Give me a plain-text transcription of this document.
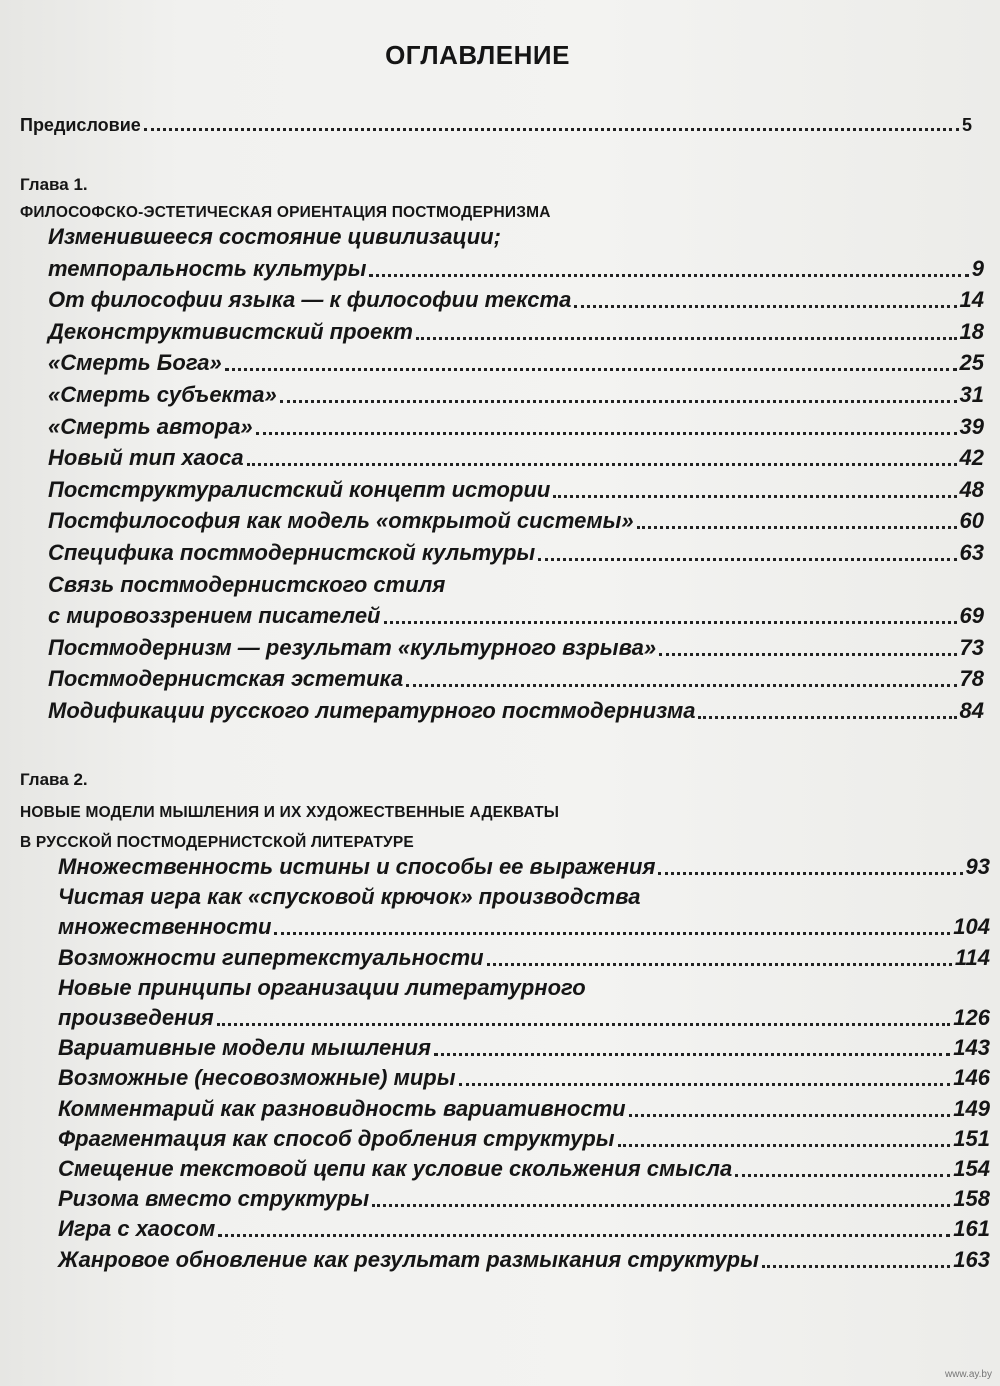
ОГЛАВЛЕНИЕ
Предисловие	5
Глава 1.
ФИЛОСОФСКО-ЭСТЕТИЧЕСКАЯ ОРИЕНТАЦИЯ ПОСТМОДЕРНИЗМА
Изменившееся состояние цивилизации;
темпоральность культуры	9
От философии языка — к философии текста	14
Деконструктивистский проект	18
«Смерть Бога»	25
«Смерть субъекта»	31
«Смерть автора»	39
Новый тип хаоса	42
Постструктуралистский концепт истории	48
Постфилософия как модель «открытой системы»	60
Специфика постмодернистской культуры	63
Связь постмодернистского стиля
с мировоззрением писателей	69
Постмодернизм — результат «культурного взрыва»	73
Постмодернистская эстетика	78
Модификации русского литературного постмодернизма	84
Глава 2.
НОВЫЕ МОДЕЛИ МЫШЛЕНИЯ И ИХ ХУДОЖЕСТВЕННЫЕ АДЕКВАТЫ
В РУССКОЙ ПОСТМОДЕРНИСТСКОЙ ЛИТЕРАТУРЕ
Множественность истины и способы ее выражения	93
Чистая игра как «спусковой крючок» производства
множественности	104
Возможности гипертекстуальности	114
Новые принципы организации литературного
произведения	126
Вариативные модели мышления	143
Возможные (несовозможные) миры	146
Комментарий как разновидность вариативности	149
Фрагментация как способ дробления структуры	151
Смещение текстовой цепи как условие скольжения смысла	154
Ризома вместо структуры	158
Игра с хаосом	161
Жанровое обновление как результат размыкания структуры	163
www.ay.by
